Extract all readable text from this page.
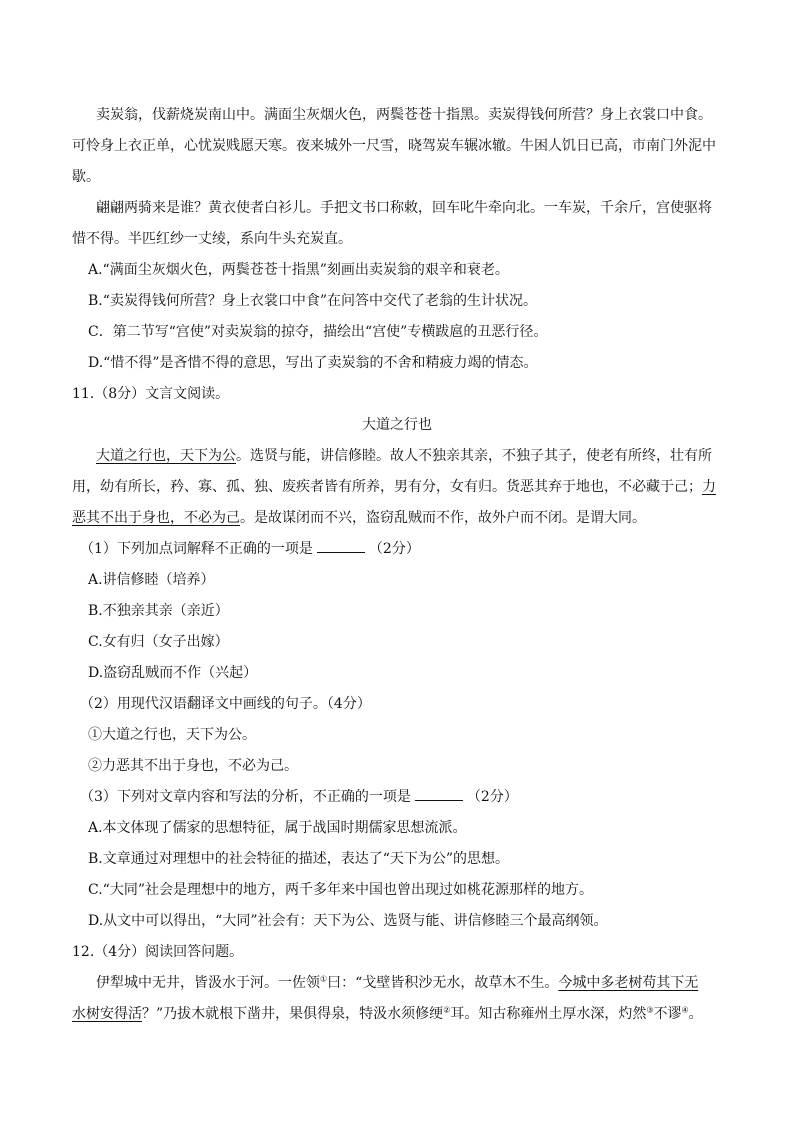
卖炭翁，伐薪烧炭南山中。满面尘灰烟火色，两鬓苍苍十指黑。卖炭得钱何所营？身上衣裳口中食。
可怜身上衣正单，心忧炭贱愿天寒。夜来城外一尺雪，晓驾炭车辗冰辙。牛困人饥日已高，市南门外泥中
歇。
翩翩两骑来是谁？黄衣使者白衫儿。手把文书口称敕，回车叱牛牵向北。一车炭，千余斤，宫使驱将
惜不得。半匹红纱一丈绫，系向牛头充炭直。
A.“满面尘灰烟火色，两鬓苍苍十指黑”刻画出卖炭翁的艰辛和衰老。
B.“卖炭得钱何所营？身上衣裳口中食”在问答中交代了老翁的生计状况。
C．第二节写“宫使”对卖炭翁的掠夺，描绘出“宫使”专横跋扈的丑恶行径。
D.“惜不得”是吝惜不得的意思，写出了卖炭翁的不舍和精疲力竭的情态。
11.（8分）文言文阅读。
大道之行也
大道之行也，天下为公。选贤与能，讲信修睦。故人不独亲其亲，不独子其子，使老有所终，壮有所
用，幼有所长，矜、寡、孤、独、废疾者皆有所养，男有分，女有归。货恶其弃于地也，不必藏于己；力
恶其不出于身也，不必为己。是故谋闭而不兴，盗窃乱贼而不作，故外户而不闭。是谓大同。
（1）下列加点词解释不正确的一项是	（2分）
A.讲信修睦（培养）
B.不独亲其亲（亲近）
C.女有归（女子出嫁）
D.盗窃乱贼而不作（兴起）
（2）用现代汉语翻译文中画线的句子。（4分）
①大道之行也，天下为公。
②力恶其不出于身也，不必为己。
（3）下列对文章内容和写法的分析，不正确的一项是	（2分）
A.本文体现了儒家的思想特征，属于战国时期儒家思想流派。
B.文章通过对理想中的社会特征的描述，表达了“天下为公”的思想。
C.“大同”社会是理想中的地方，两千多年来中国也曾出现过如桃花源那样的地方。
D.从文中可以得出，“大同”社会有：天下为公、选贤与能、讲信修睦三个最高纲领。
12.（4分）阅读回答问题。
伊犁城中无井，皆汲水于河。一佐领①曰：“戈壁皆积沙无水，故草木不生。今城中多老树苟其下无
水树安得活？”乃拔木就根下凿井，果俱得泉，特汲水须修绠②耳。知古称雍州土厚水深，灼然③不谬④。
